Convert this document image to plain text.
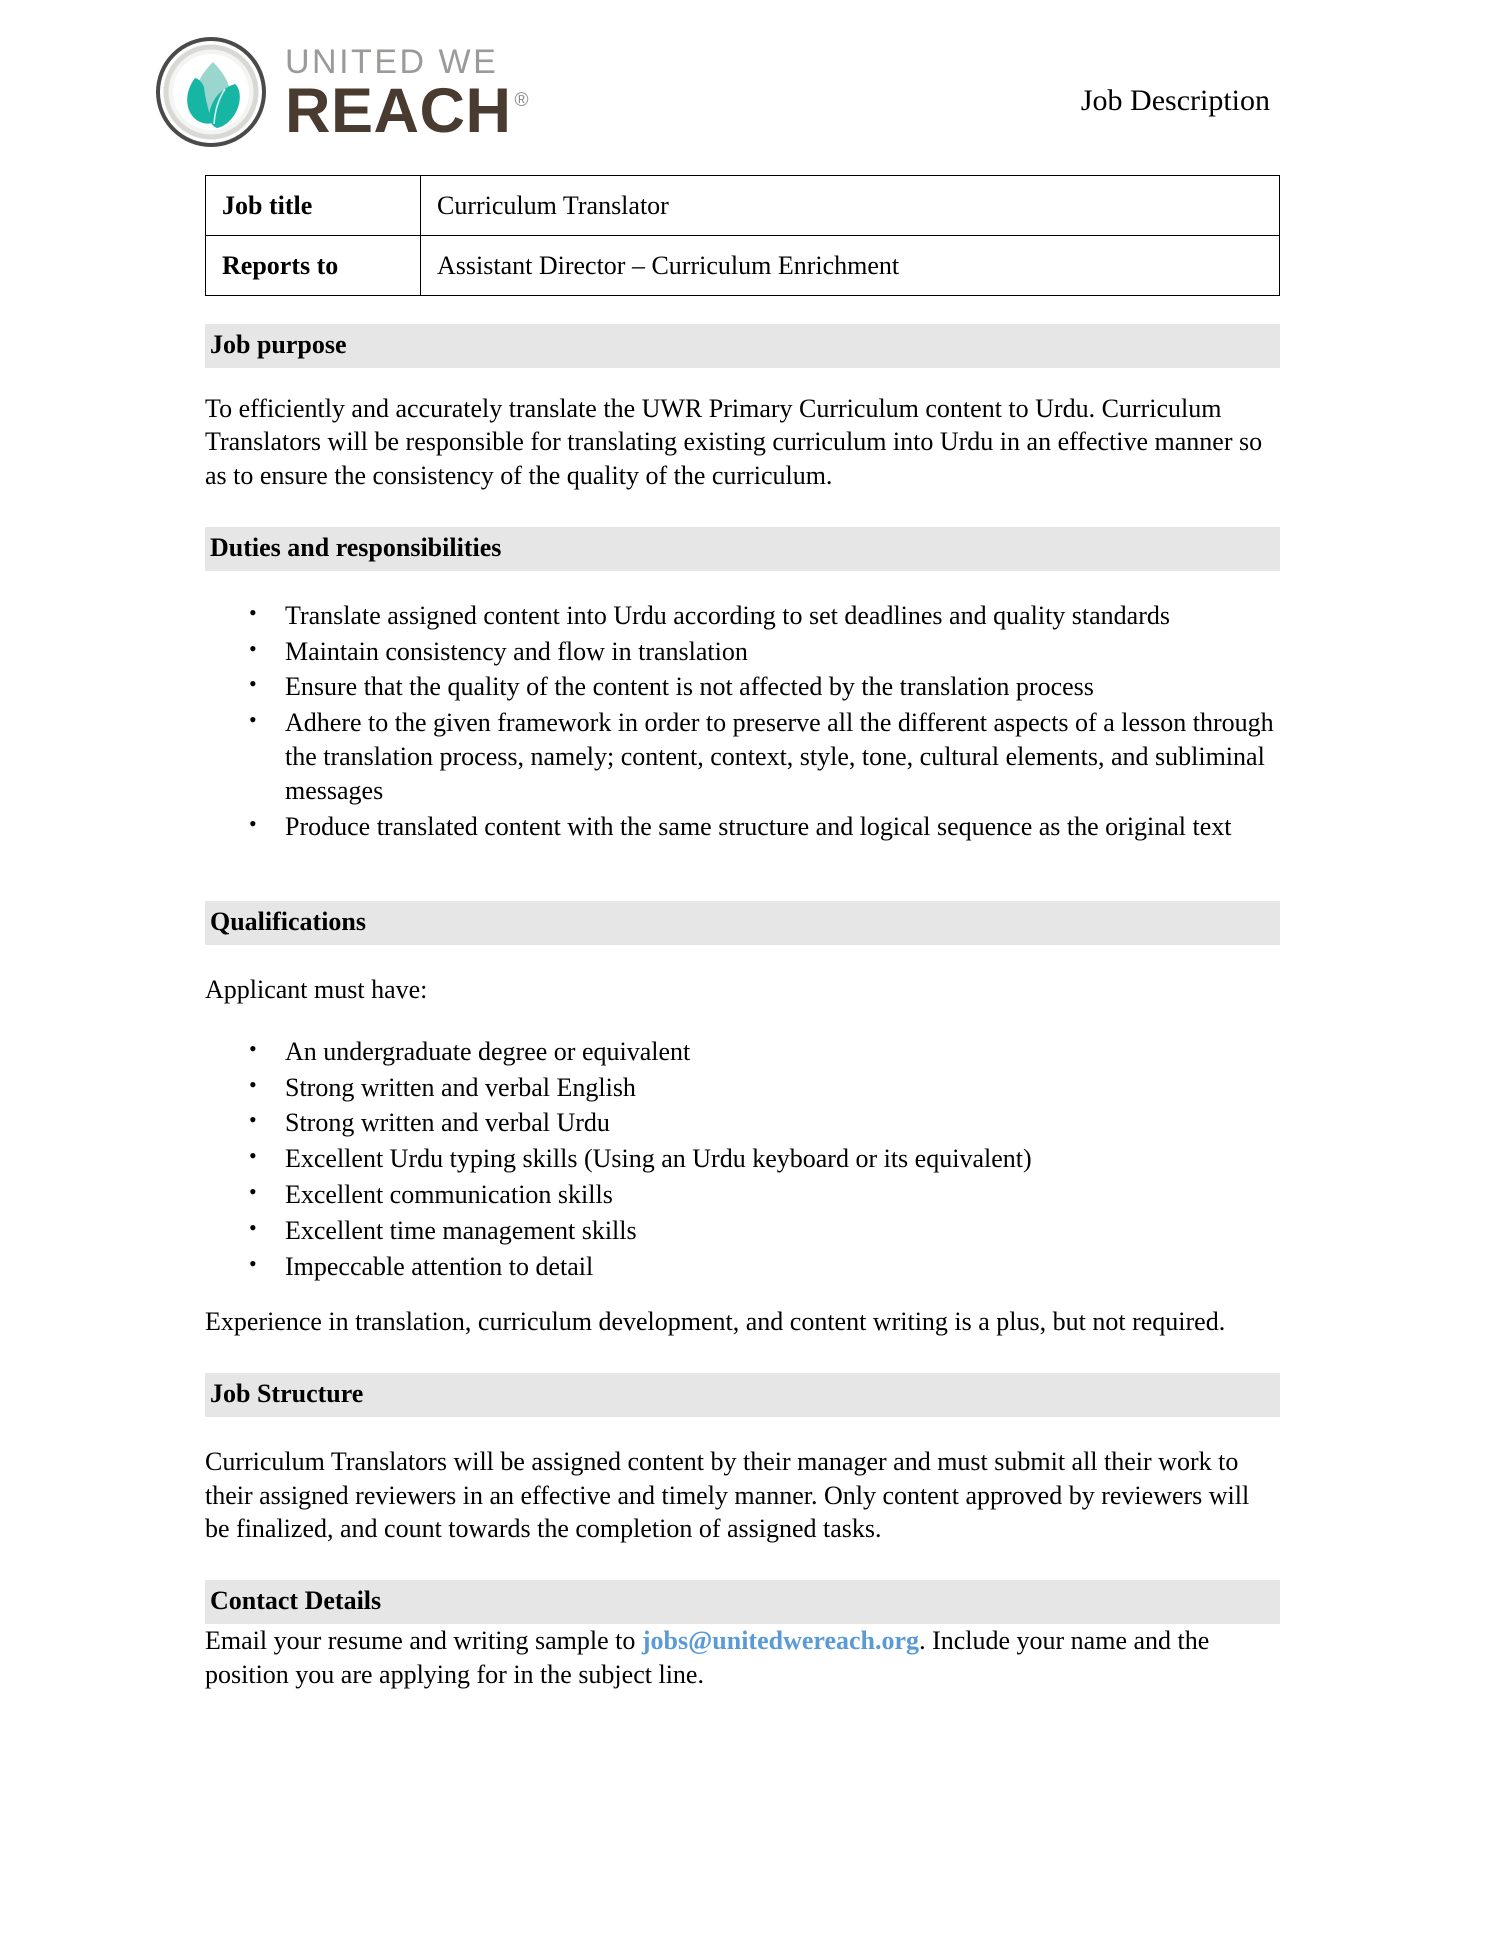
UNITED WE
REACH ®	Job Description
Job title	Curriculum Translator
Reports to	Assistant Director – Curriculum Enrichment
Job purpose

To efficiently and accurately translate the UWR Primary Curriculum content to Urdu. Curriculum Translators will be responsible for translating existing curriculum into Urdu in an effective manner so as to ensure the consistency of the quality of the curriculum.

Duties and responsibilities
• Translate assigned content into Urdu according to set deadlines and quality standards
• Maintain consistency and flow in translation
• Ensure that the quality of the content is not affected by the translation process
• Adhere to the given framework in order to preserve all the different aspects of a lesson through the translation process, namely; content, context, style, tone, cultural elements, and subliminal messages
• Produce translated content with the same structure and logical sequence as the original text
Qualifications

Applicant must have:

• An undergraduate degree or equivalent
• Strong written and verbal English
• Strong written and verbal Urdu
• Excellent Urdu typing skills (Using an Urdu keyboard or its equivalent)
• Excellent communication skills
• Excellent time management skills
• Impeccable attention to detail

Experience in translation, curriculum development, and content writing is a plus, but not required.

Job Structure

Curriculum Translators will be assigned content by their manager and must submit all their work to their assigned reviewers in an effective and timely manner. Only content approved by reviewers will be finalized, and count towards the completion of assigned tasks.

Contact Details

Email your resume and writing sample to jobs@unitedwereach.org. Include your name and the position you are applying for in the subject line.
